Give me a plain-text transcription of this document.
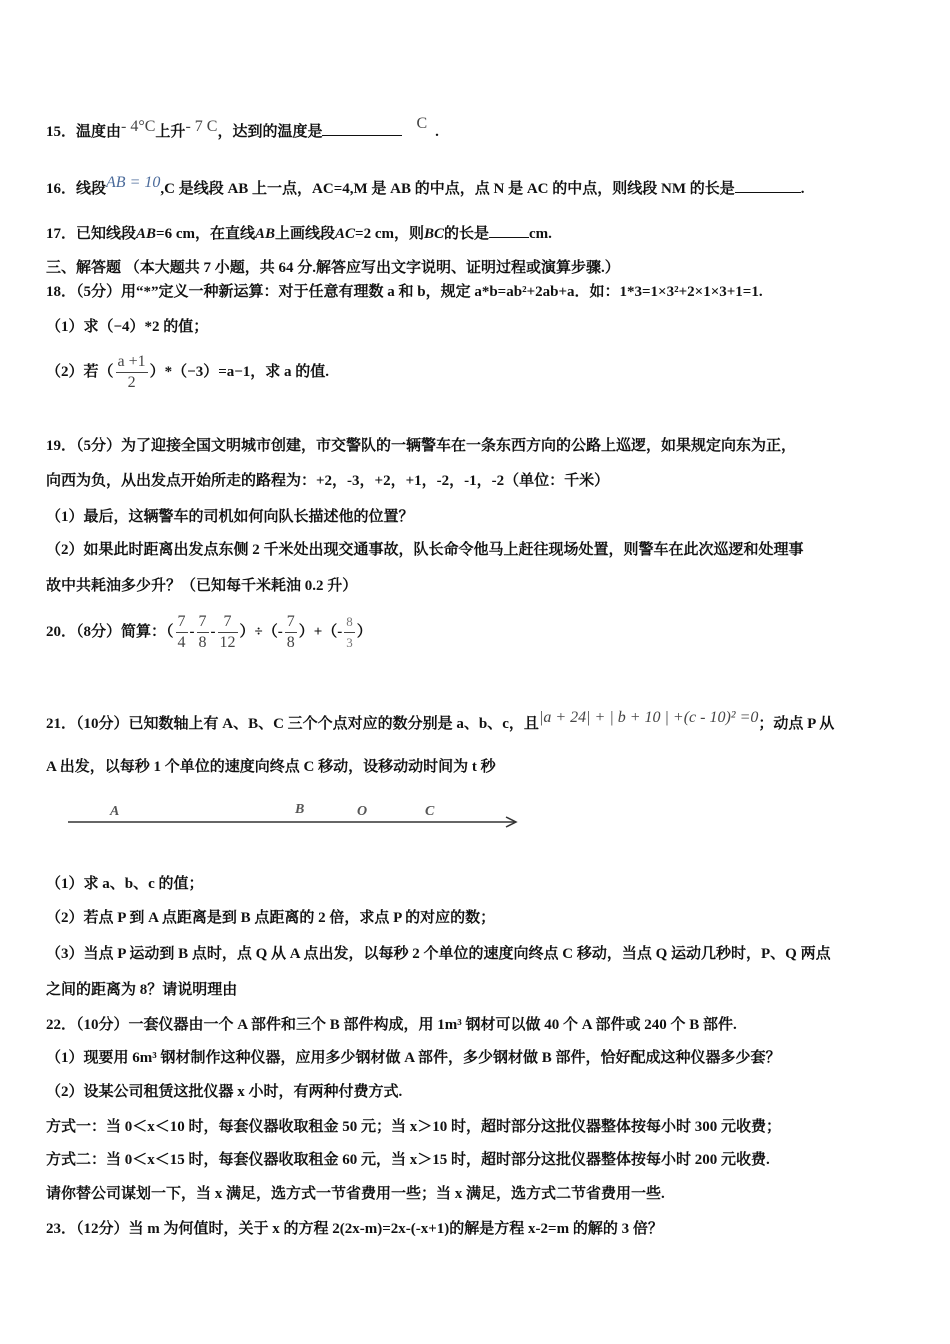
15．温度由- 4°C上升- 7 C，达到的温度是	C .
16．线段AB = 10,C 是线段 AB 上一点，AC=4,M 是 AB 的中点，点 N 是 AC 的中点，则线段 NM 的长是	.
17．已知线段AB=6 cm，在直线AB上画线段AC=2 cm，则BC的长是	cm.
三、解答题 （本大题共 7 小题，共 64 分.解答应写出文字说明、证明过程或演算步骤.）
18．（5分）用“*”定义一种新运算：对于任意有理数 a 和 b，规定 a*b=ab²+2ab+a．如：1*3=1×3²+2×1×3+1=1.
（1）求（−4）*2 的值；
（2）若（ $\frac{a +1}{2} )*(-3)=a-1$，求 a 的值.
19．（5分）为了迎接全国文明城市创建，市交警队的一辆警车在一条东西方向的公路上巡逻，如果规定向东为正，
向西为负，从出发点开始所走的路程为：+2，-3，+2，+1，-2，-1，-2（单位：千米）
（1）最后，这辆警车的司机如何向队长描述他的位置？
（2）如果此时距离出发点东侧 2 千米处出现交通事故，队长命令他马上赶往现场处置，则警车在此次巡逻和处理事
故中共耗油多少升？（已知每千米耗油 0.2 升）
20．（8分）简算：（ $\frac{7}{4} - \frac{7}{8} - \frac{7}{12}$ ）÷（- $\frac{7}{8}$ ）+（- $\frac{8}{3}$ ）
21．（10分）已知数轴上有 A、B、C 三个个点对应的数分别是 a、b、c，且|a + 24| + | b + 10 | +(c - 10)² =0；动点 P 从
A 出发，以每秒 1 个单位的速度向终点 C 移动，设移动动时间为 t 秒
A	B	O	C
（1）求 a、b、c 的值；
（2）若点 P 到 A 点距离是到 B 点距离的 2 倍，求点 P 的对应的数；
（3）当点 P 运动到 B 点时，点 Q 从 A 点出发，以每秒 2 个单位的速度向终点 C 移动，当点 Q 运动几秒时，P、Q 两点
之间的距离为 8？请说明理由
22．（10分）一套仪器由一个 A 部件和三个 B 部件构成，用 1m³ 钢材可以做 40 个 A 部件或 240 个 B 部件.
（1）现要用 6m³ 钢材制作这种仪器，应用多少钢材做 A 部件，多少钢材做 B 部件，恰好配成这种仪器多少套？
（2）设某公司租赁这批仪器 x 小时，有两种付费方式.
方式一：当 0＜x＜10 时，每套仪器收取租金 50 元；当 x＞10 时，超时部分这批仪器整体按每小时 300 元收费；
方式二：当 0＜x＜15 时，每套仪器收取租金 60 元，当 x＞15 时，超时部分这批仪器整体按每小时 200 元收费.
请你替公司谋划一下，当 x 满足，选方式一节省费用一些；当 x 满足，选方式二节省费用一些.
23．（12分）当 m 为何值时，关于 x 的方程 2(2x-m)=2x-(-x+1)的解是方程 x-2=m 的解的 3 倍？
